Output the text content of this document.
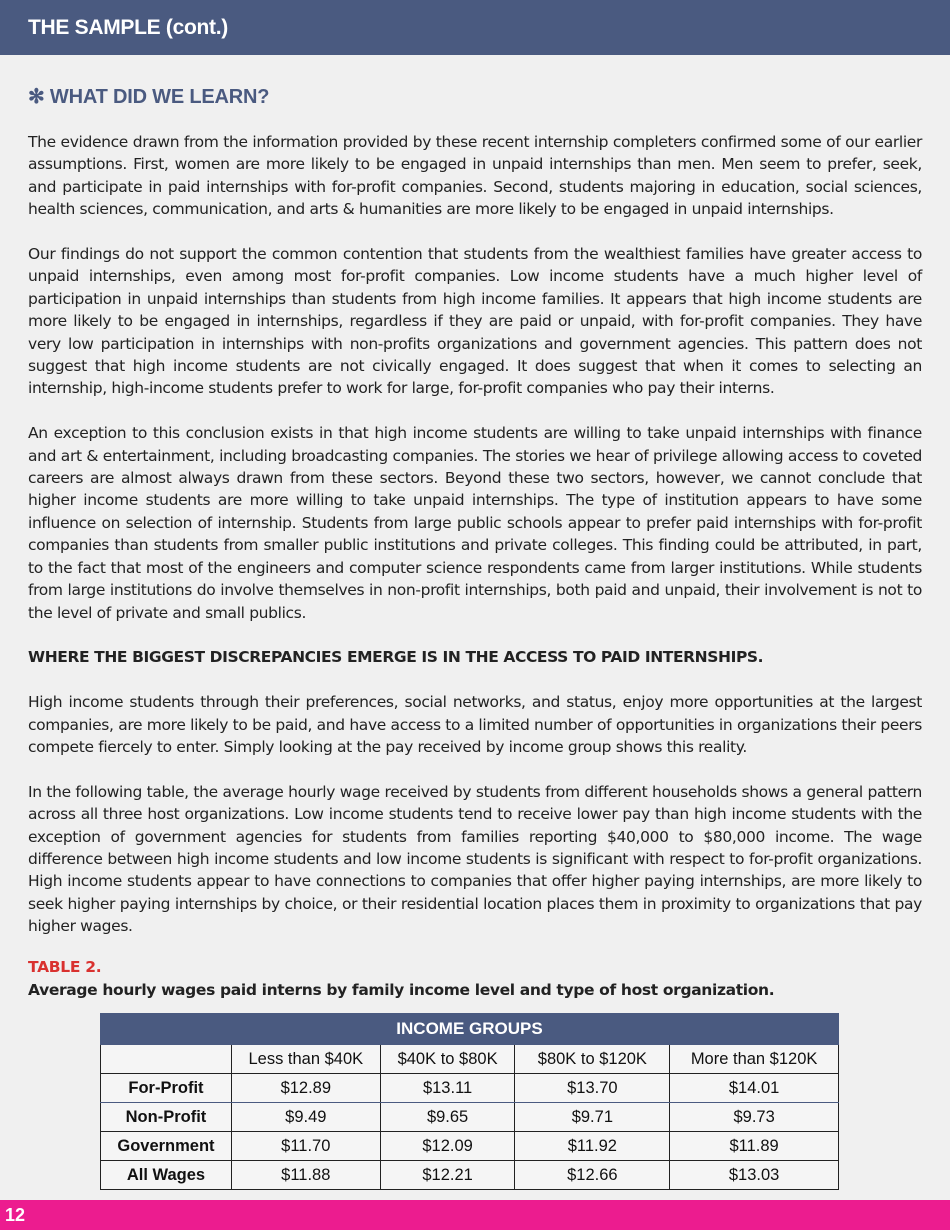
THE SAMPLE (cont.)
✻ WHAT DID WE LEARN?

The evidence drawn from the information provided by these recent internship completers confirmed some of our earlier assumptions. First, women are more likely to be engaged in unpaid internships than men. Men seem to prefer, seek, and participate in paid internships with for-profit companies. Second, students majoring in education, social sciences, health sciences, communication, and arts & humanities are more likely to be engaged in unpaid internships.

Our findings do not support the common contention that students from the wealthiest families have greater access to unpaid internships, even among most for-profit companies. Low income students have a much higher level of participation in unpaid internships than students from high income families. It appears that high income students are more likely to be engaged in internships, regardless if they are paid or unpaid, with for-profit companies. They have very low participation in internships with non-profits organizations and government agencies. This pattern does not suggest that high income students are not civically engaged. It does suggest that when it comes to selecting an internship, high-income students prefer to work for large, for-profit companies who pay their interns.

An exception to this conclusion exists in that high income students are willing to take unpaid internships with finance and art & entertainment, including broadcasting companies. The stories we hear of privilege allowing access to coveted careers are almost always drawn from these sectors. Beyond these two sectors, however, we cannot conclude that higher income students are more willing to take unpaid internships. The type of institution appears to have some influence on selection of internship. Students from large public schools appear to prefer paid internships with for-profit companies than students from smaller public institutions and private colleges. This finding could be attributed, in part, to the fact that most of the engineers and computer science respondents came from larger institutions. While students from large institutions do involve themselves in non-profit internships, both paid and unpaid, their involvement is not to the level of private and small publics.

WHERE THE BIGGEST DISCREPANCIES EMERGE IS IN THE ACCESS TO PAID INTERNSHIPS.

High income students through their preferences, social networks, and status, enjoy more opportunities at the largest companies, are more likely to be paid, and have access to a limited number of opportunities in organizations their peers compete fiercely to enter. Simply looking at the pay received by income group shows this reality.

In the following table, the average hourly wage received by students from different households shows a general pattern across all three host organizations. Low income students tend to receive lower pay than high income students with the exception of government agencies for students from families reporting $40,000 to $80,000 income. The wage difference between high income students and low income students is significant with respect to for-profit organizations. High income students appear to have connections to companies that offer higher paying internships, are more likely to seek higher paying internships by choice, or their residential location places them in proximity to organizations that pay higher wages.

TABLE 2.
Average hourly wages paid interns by family income level and type of host organization.
INCOME GROUPS				
	Less than $40K	$40K to $80K	$80K to $120K	More than $120K
For-Profit	$12.89	$13.11	$13.70	$14.01
Non-Profit	$9.49	$9.65	$9.71	$9.73
Government	$11.70	$12.09	$11.92	$11.89
All Wages	$11.88	$12.21	$12.66	$13.03
12
